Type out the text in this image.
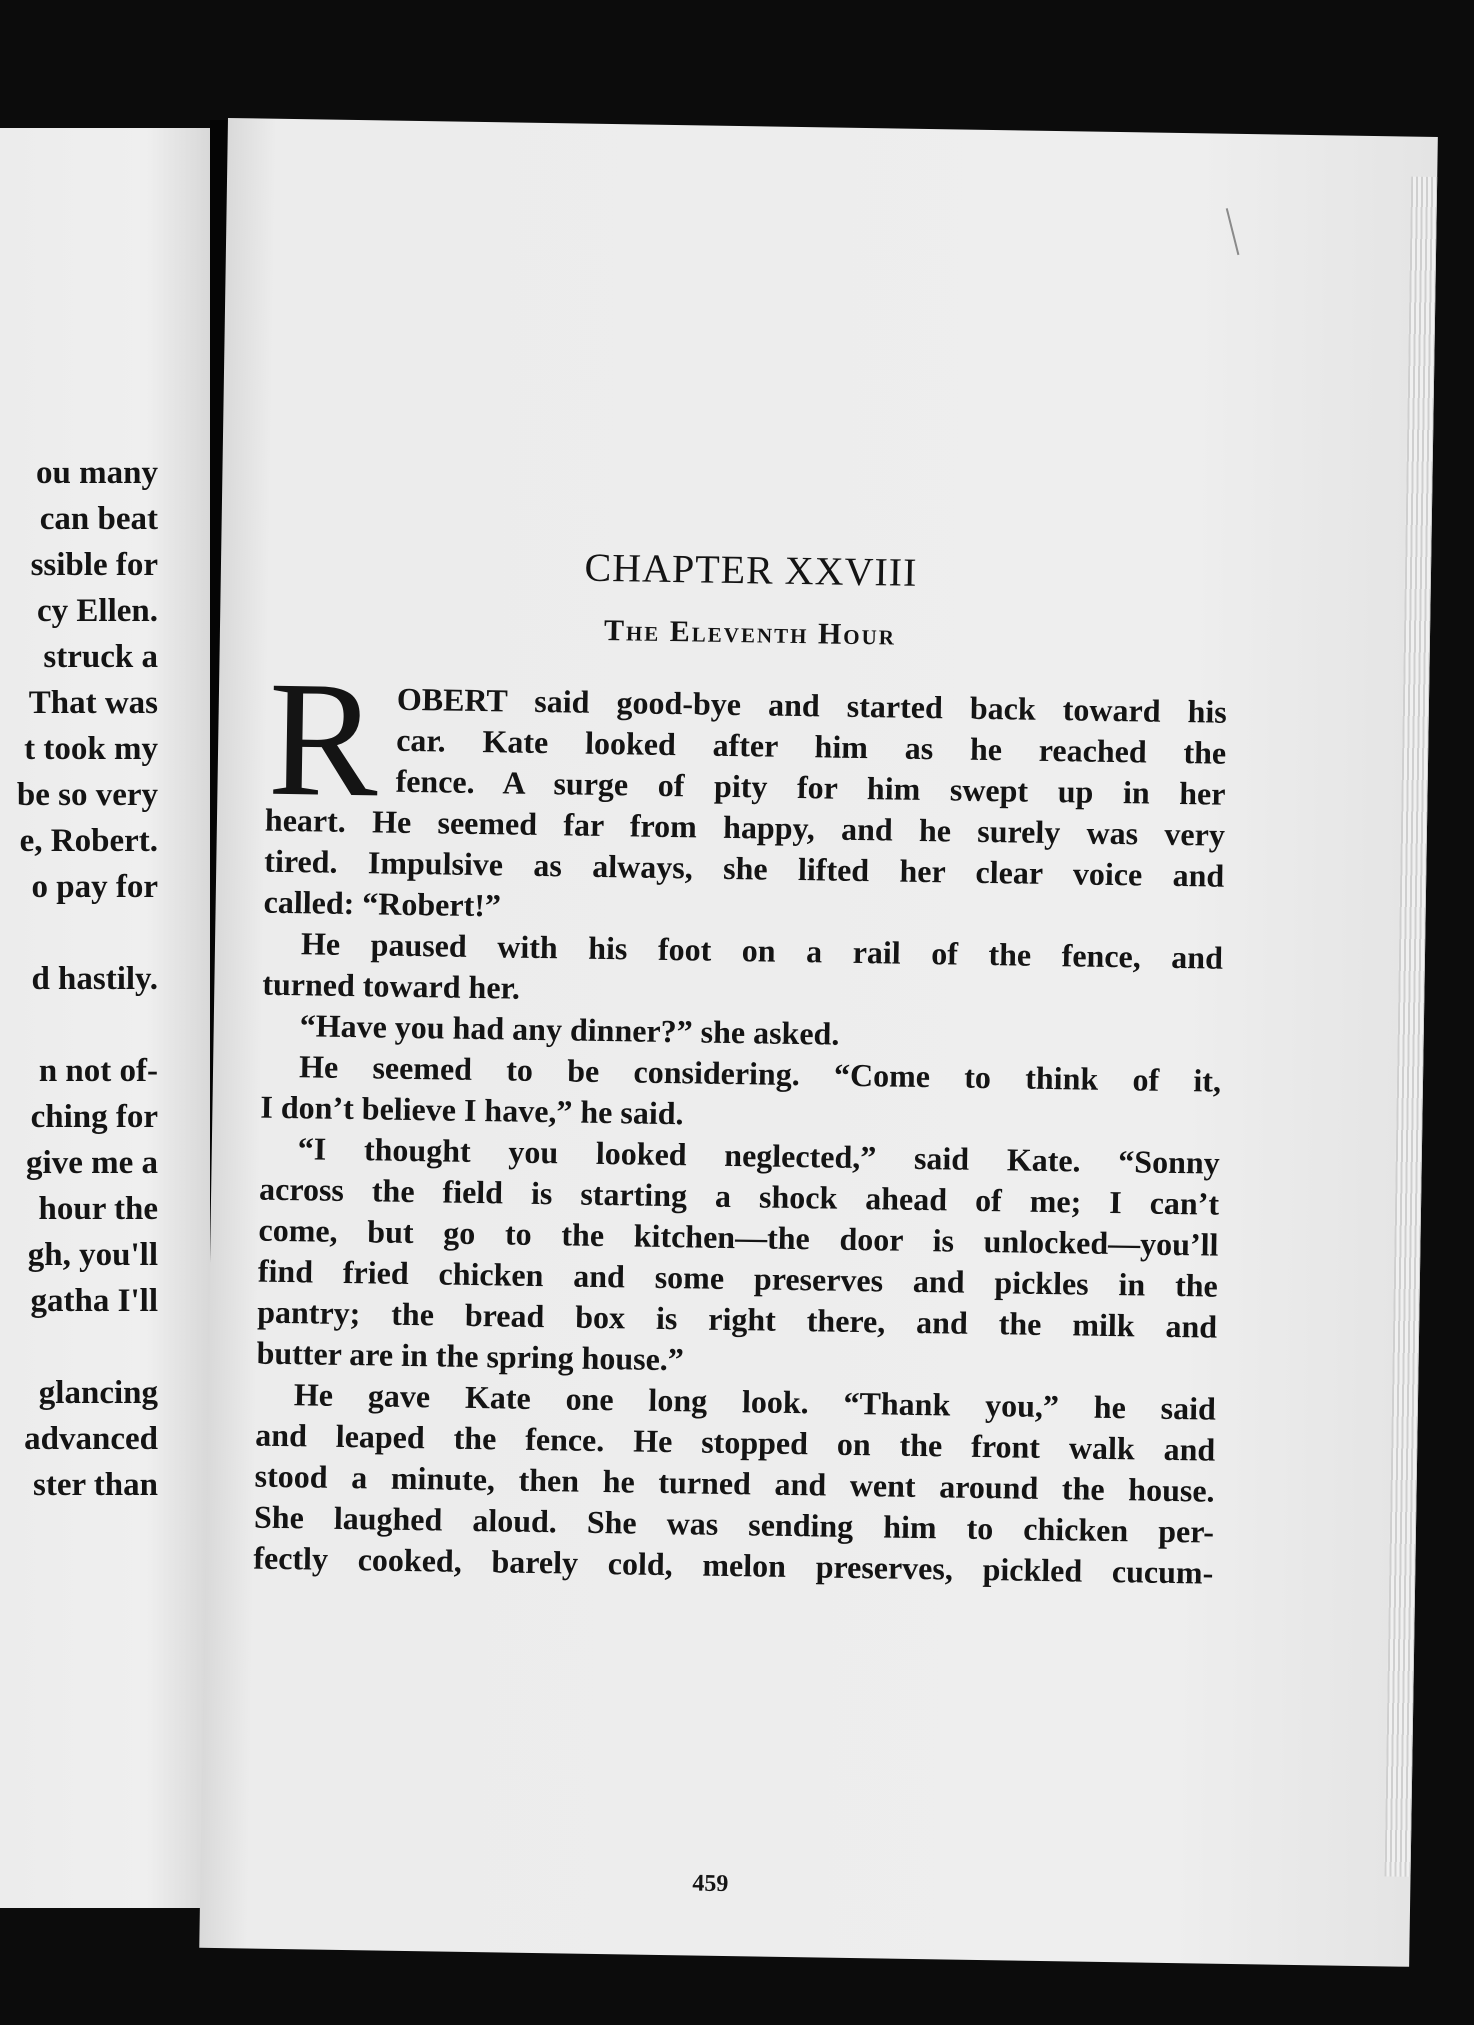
ou many
can beat
ssible for
cy Ellen.
struck a
That was
t took my
be so very
e, Robert.
o pay for
d hastily.
n not of-
ching for
give me a
hour the
gh, you'll
gatha I'll
glancing
advanced
ster than
CHAPTER XXVIII
The Eleventh Hour
R OBERT said good-bye and started back toward his
car. Kate looked after him as he reached the
fence. A surge of pity for him swept up in her
heart. He seemed far from happy, and he surely was very
tired. Impulsive as always, she lifted her clear voice and
called: “Robert!”
He paused with his foot on a rail of the fence, and
turned toward her.
“Have you had any dinner?” she asked.
He seemed to be considering. “Come to think of it,
I don’t believe I have,” he said.
“I thought you looked neglected,” said Kate. “Sonny
across the field is starting a shock ahead of me; I can’t
come, but go to the kitchen—the door is unlocked—you’ll
find fried chicken and some preserves and pickles in the
pantry; the bread box is right there, and the milk and
butter are in the spring house.”
He gave Kate one long look. “Thank you,” he said
and leaped the fence. He stopped on the front walk and
stood a minute, then he turned and went around the house.
She laughed aloud. She was sending him to chicken per-
fectly cooked, barely cold, melon preserves, pickled cucum-
459
